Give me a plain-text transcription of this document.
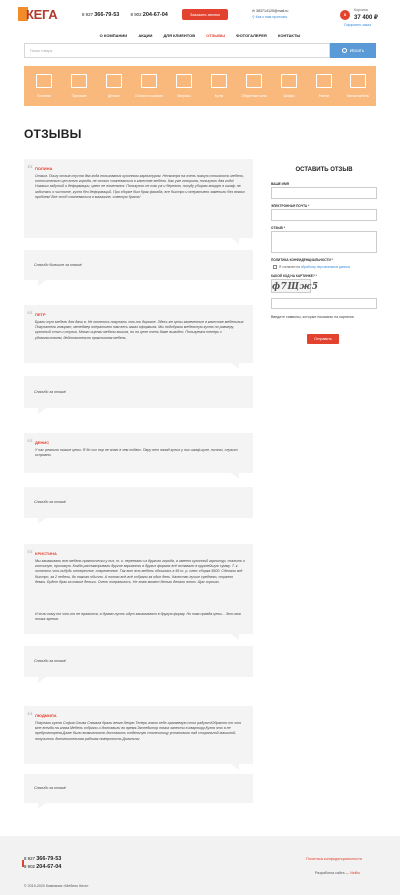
КЕГА	8 927 366-79-53	8 902 204-67-04	Заказать звонок
✉ 383714125@mail.ru
⚲ Как к нам проехать	0
Корзина
37 400 ₽
Оформить заказ
О КОМПАНИИ	АКЦИИ	ДЛЯ КЛИЕНТОВ	ОТЗЫВЫ	ФОТОГАЛЕРЕЯ	КОНТАКТЫ
Поиск товара	Искать
Гостиные	Прихожие	Детские	Спальни и кровати	Матрасы	Кухни	Обеденные зоны	Шкафы	Разное	Мягкая мебель
ОТЗЫВЫ
“ ПОЛИНА
Отзыв. Пишу отзыв спустя два года пользования кухонным гарнитуром. Несмотря на очень низкую стоимость мебели, относительно цен всего города, не стоит сомневаться в качестве мебели. Как уже говорила, пользуюсь два года! Никаких вздутий и деформации, цвет не поменялся. Пользуюсь не так уж и бережно, посуду убираю мокрую в шкаф, не заботясь о чистоте, кухня без деформаций. При сборке был брак фасада, все быстро и оперативно заменили без всяких проблем! Все чтоб сомневаться в магазине, советую брать!
Спасибо большое за отзыв!
“ ПЕТР
Брали тут мебель для дачи в. Не хотелось покупать что-то дорогое. Здесь же цены замеченные в качестве мебельных. Покупатели говорят, менеджер оперативно нам весь заказ оформила. Мы подобрали мебельную кухню по размеру, кухонный стол и стулья. Много оценки мебели вышла, но по цене очень даже выгодно. Пользуемся теперь с удовольствием, действительно практичная мебель.
Спасибо за отзыв!
“ ДЕНИС
У нас реально низкие цены. Я до сих пор не знаю в чем подвох. Пару лет назад купил у них шкаф-купе, ничего, служит исправно.
Спасибо за отзыв!
“ КРИСТИНА
Мы заказывали всю мебель практически у них, т. к. переехали из другого города, а именно кухонный гарнитур, спальню и гостиную, прихожую. Когда рассматривали другие варианты в других фирмах всё вставало в круглейшую сумму. Т. к. хотелось что-нибудь интересное, современное. Так вот всю мебель обошлась в 56 т. р. плюс сборка 5600. Сделали всё быстро, за 2 недели, до такого обычно. А потом всё-всё собрали за один день. Качество лучше среднего, странно демки. Будет брак за такие деньги. Очень понравилось. Не знаю может деньги делали плохо. Щас хорошо.
И если кому то что-то не нравится, я думаю пусть идут заказывают в другую фирму. Но там правда цены... Это моя точка зрения.
Спасибо за отзыв!
“ ЛЮДМИЛА
Покупали кухню София Олива Сначала брали венге-белую.Теперь взяли себе-оранжевую стол радуют!Обратно то что мне всегда на глаза.Мебель собрали и доставили во время.Экспедитор помог занести в квартиру.Кухня это я не предусмотрела.Даже было возможность доставить отдельную столешницу установили над стиральной машиной-получилось дополнительная рабочая поверхность.Довольны
Спасибо за отзыв!
ОСТАВИТЬ ОТЗЫВ
ВАШЕ ИМЯ
ЭЛЕКТРОННАЯ ПОЧТА *
ОТЗЫВ *
ПОЛИТИКА КОНФИДЕНЦИАЛЬНОСТИ *
Я согласен на обработку персональных данных
КАКОЙ КОД НА КАРТИНКЕ? *
ф7Щж5
Введите символы, которые показаны на картинке.
Отправить
8 927 366-79-53
8 902 204-67-04
© 2019-2020 Компания «Мебель Кега»
Политика конфиденциальности
Разработка сайта — Nelitio
